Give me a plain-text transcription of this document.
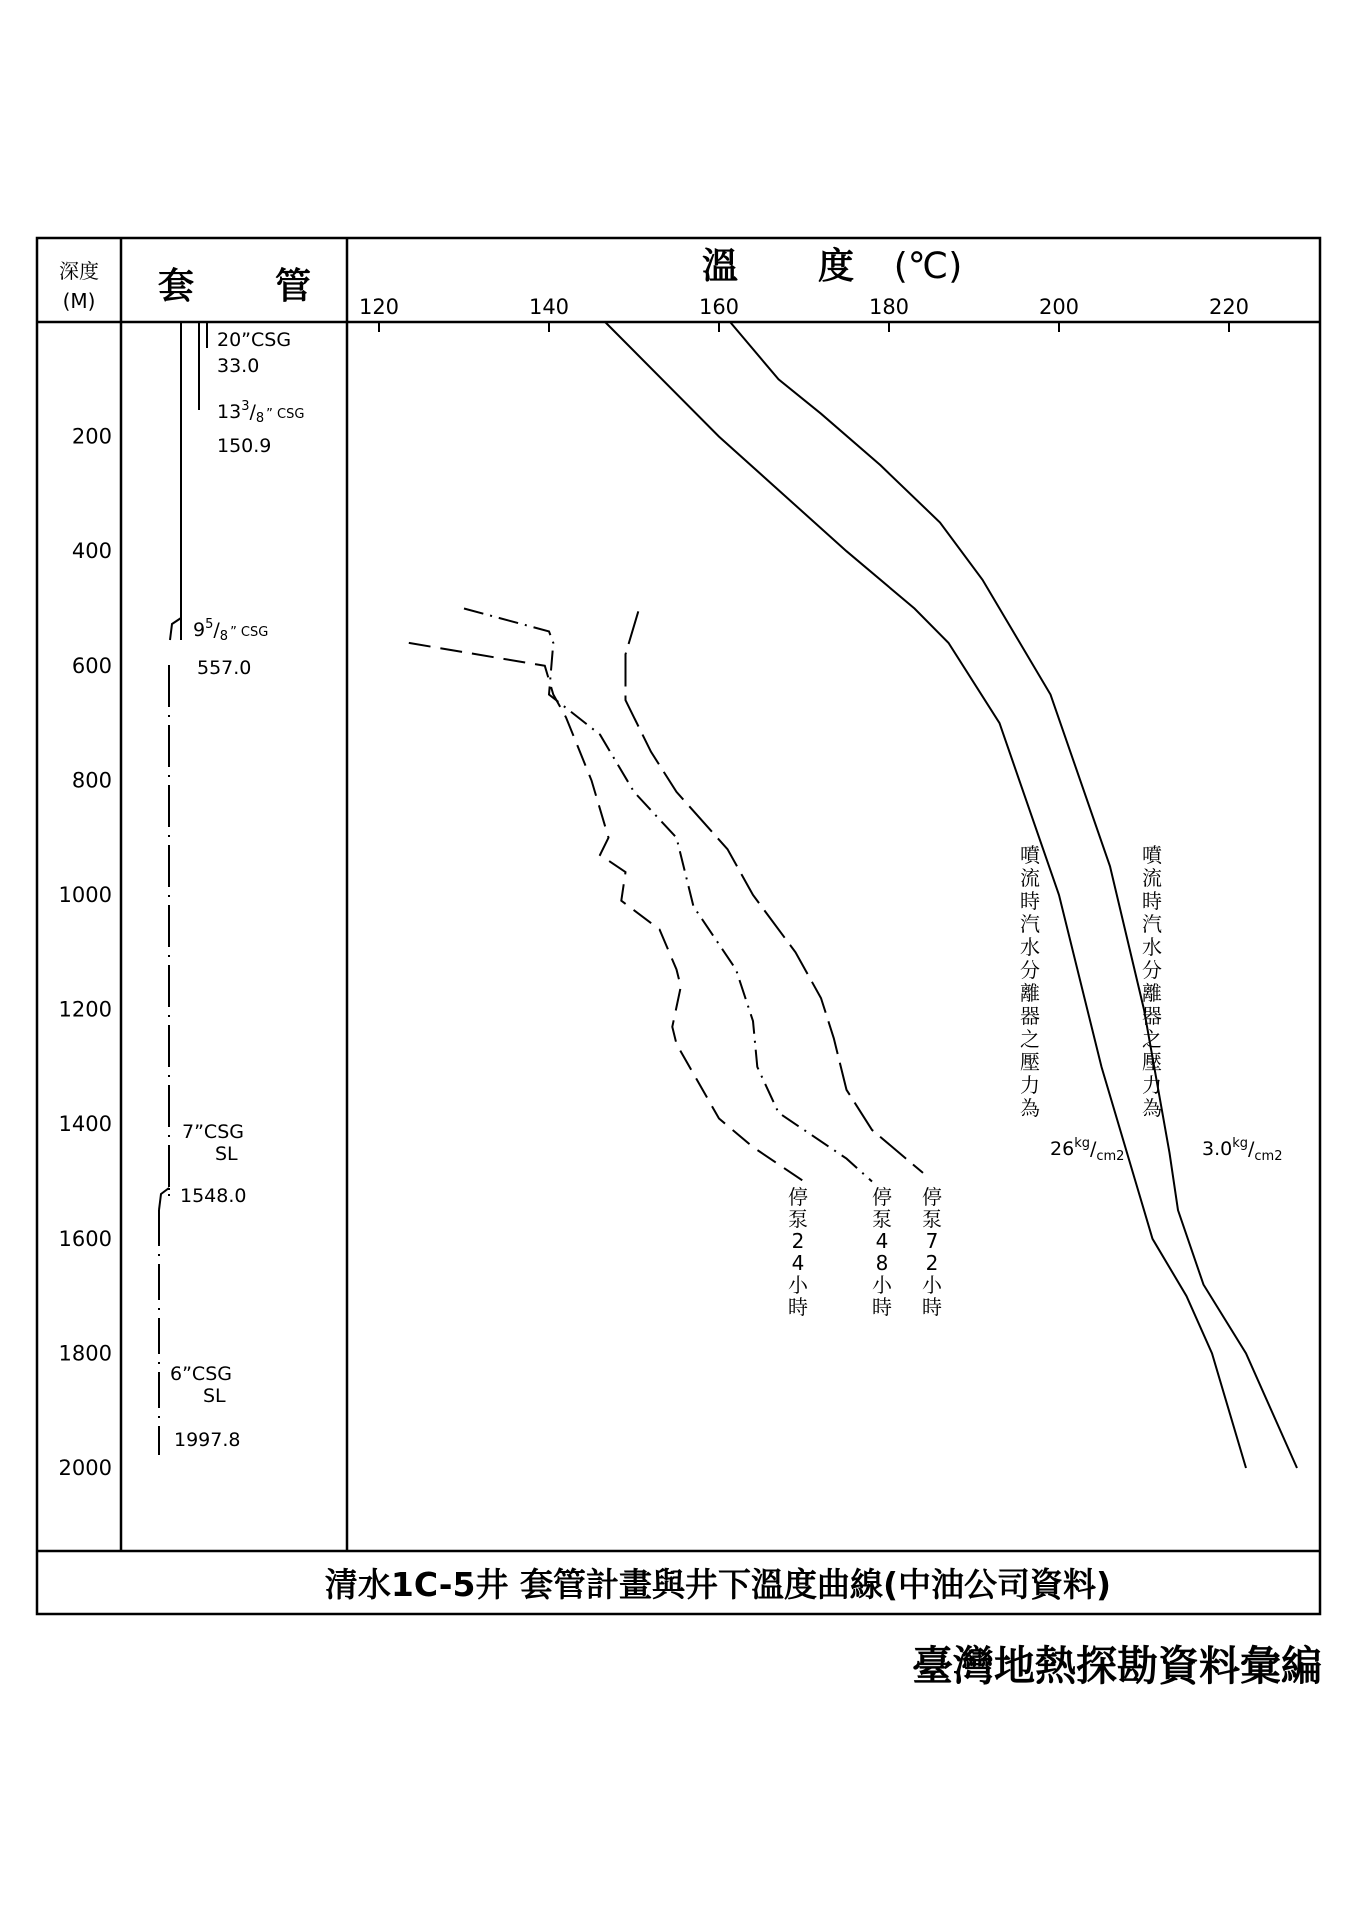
深度
(M) 套 管	溫 度 (℃)
120	140	160	180	200	220
200
400
600
800
1000
1200
1400
1600
1800
2000
20”CSG
33.0
$13^3/_8$ $^{” CSG}$
150.9
$9^5/_8$ $^{” CSG}$
557.0
7”CSG
SL
1548.0
6”CSG
SL
1997.8
噴流時汽水分離器之壓力為
$26^{kg}/_{cm2}$
噴流時汽水分離器之壓力為
$3.0^{kg}/_{cm2}$
停泵 2 4 小時
停泵 4 8 小時
停泵 7 2 小時
清水1C-5井 套管計畫與井下溫度曲線(中油公司資料)
臺灣地熱探勘資料彙編
